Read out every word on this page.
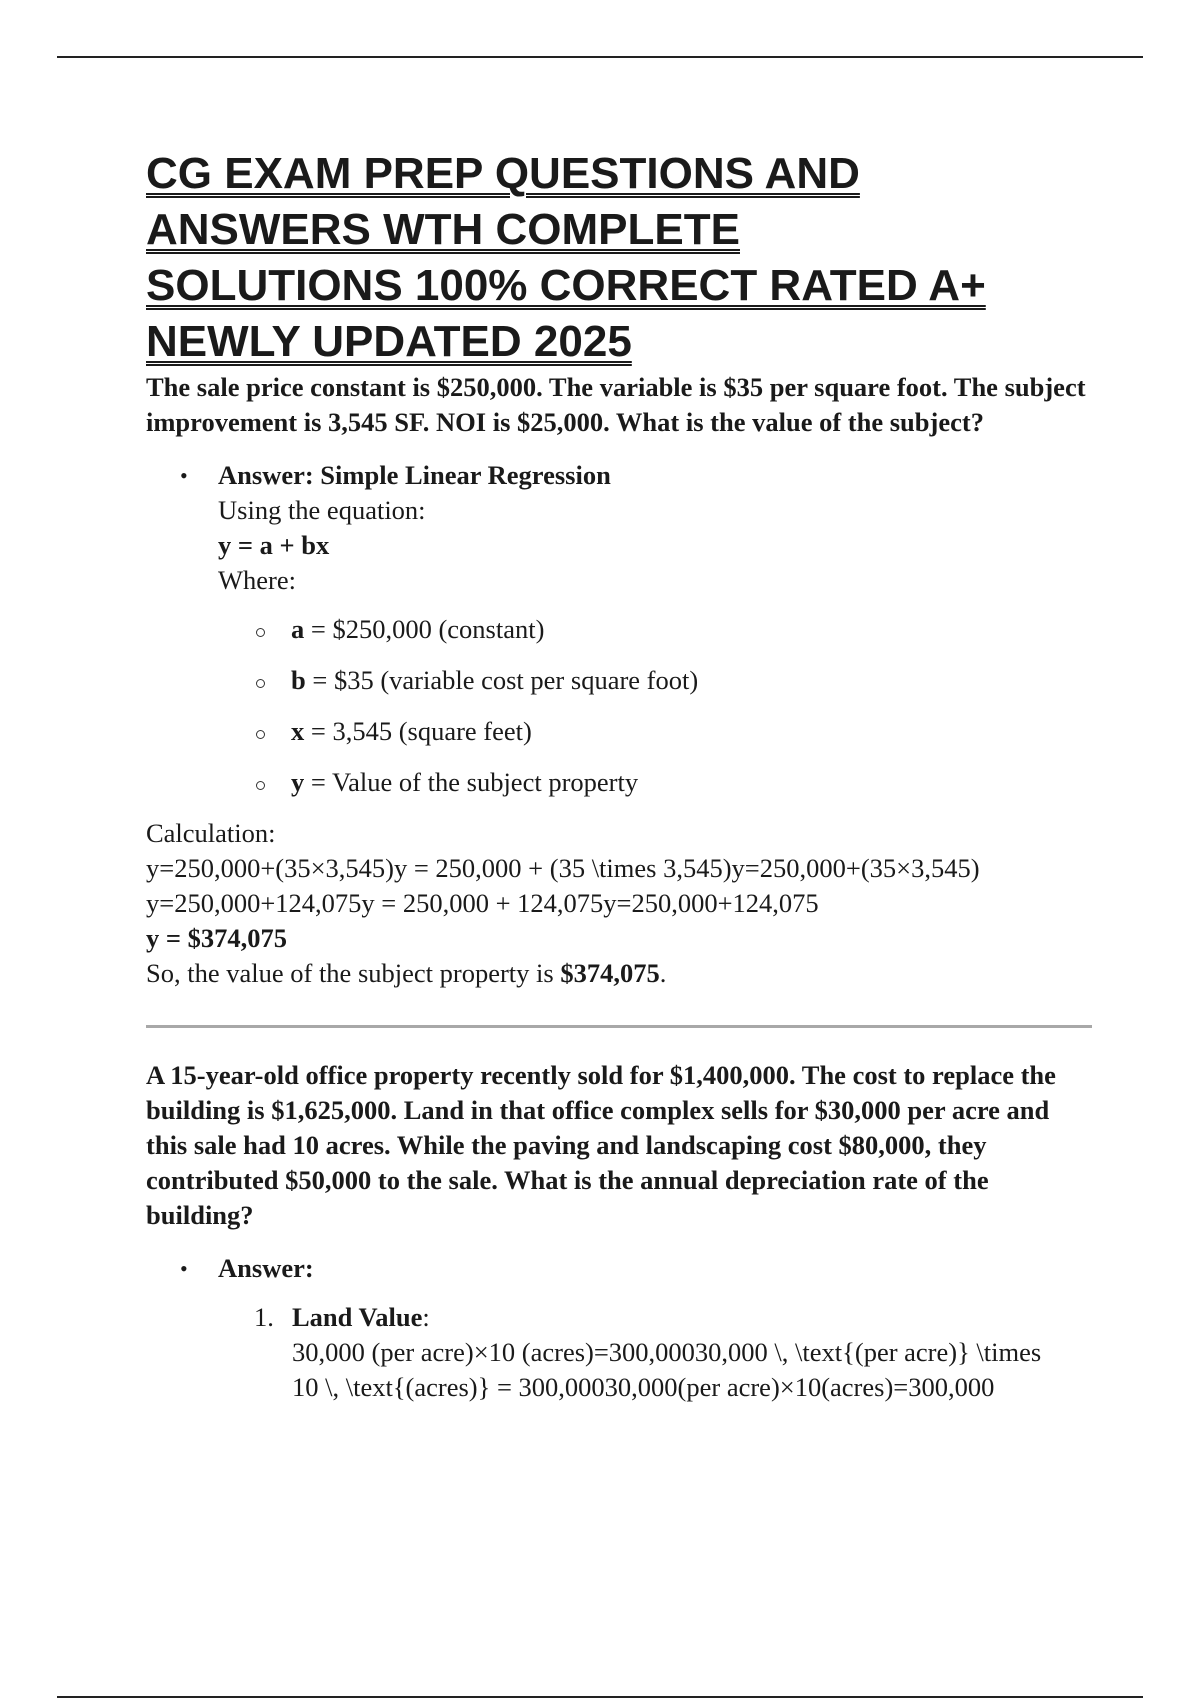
CG EXAM PREP QUESTIONS AND
ANSWERS WTH COMPLETE
SOLUTIONS 100% CORRECT RATED A+
NEWLY UPDATED 2025

The sale price constant is $250,000. The variable is $35 per square foot. The subject improvement is 3,545 SF. NOI is $25,000. What is the value of the subject?

• Answer: Simple Linear Regression
Using the equation:
y = a + bx
Where:
a = $250,000 (constant)
b = $35 (variable cost per square foot)
x = 3,545 (square feet)
y = Value of the subject property
Calculation:
y=250,000+(35×3,545)y = 250,000 + (35 \times 3,545)y=250,000+(35×3,545)
y=250,000+124,075y = 250,000 + 124,075y=250,000+124,075
y = $374,075
So, the value of the subject property is $374,075.

A 15-year-old office property recently sold for $1,400,000. The cost to replace the building is $1,625,000. Land in that office complex sells for $30,000 per acre and this sale had 10 acres. While the paving and landscaping cost $80,000, they contributed $50,000 to the sale. What is the annual depreciation rate of the building?

• Answer:
1. Land Value:
30,000 (per acre)×10 (acres)=300,00030,000 \, \text{(per acre)} \times
10 \, \text{(acres)} = 300,00030,000(per acre)×10(acres)=300,000
